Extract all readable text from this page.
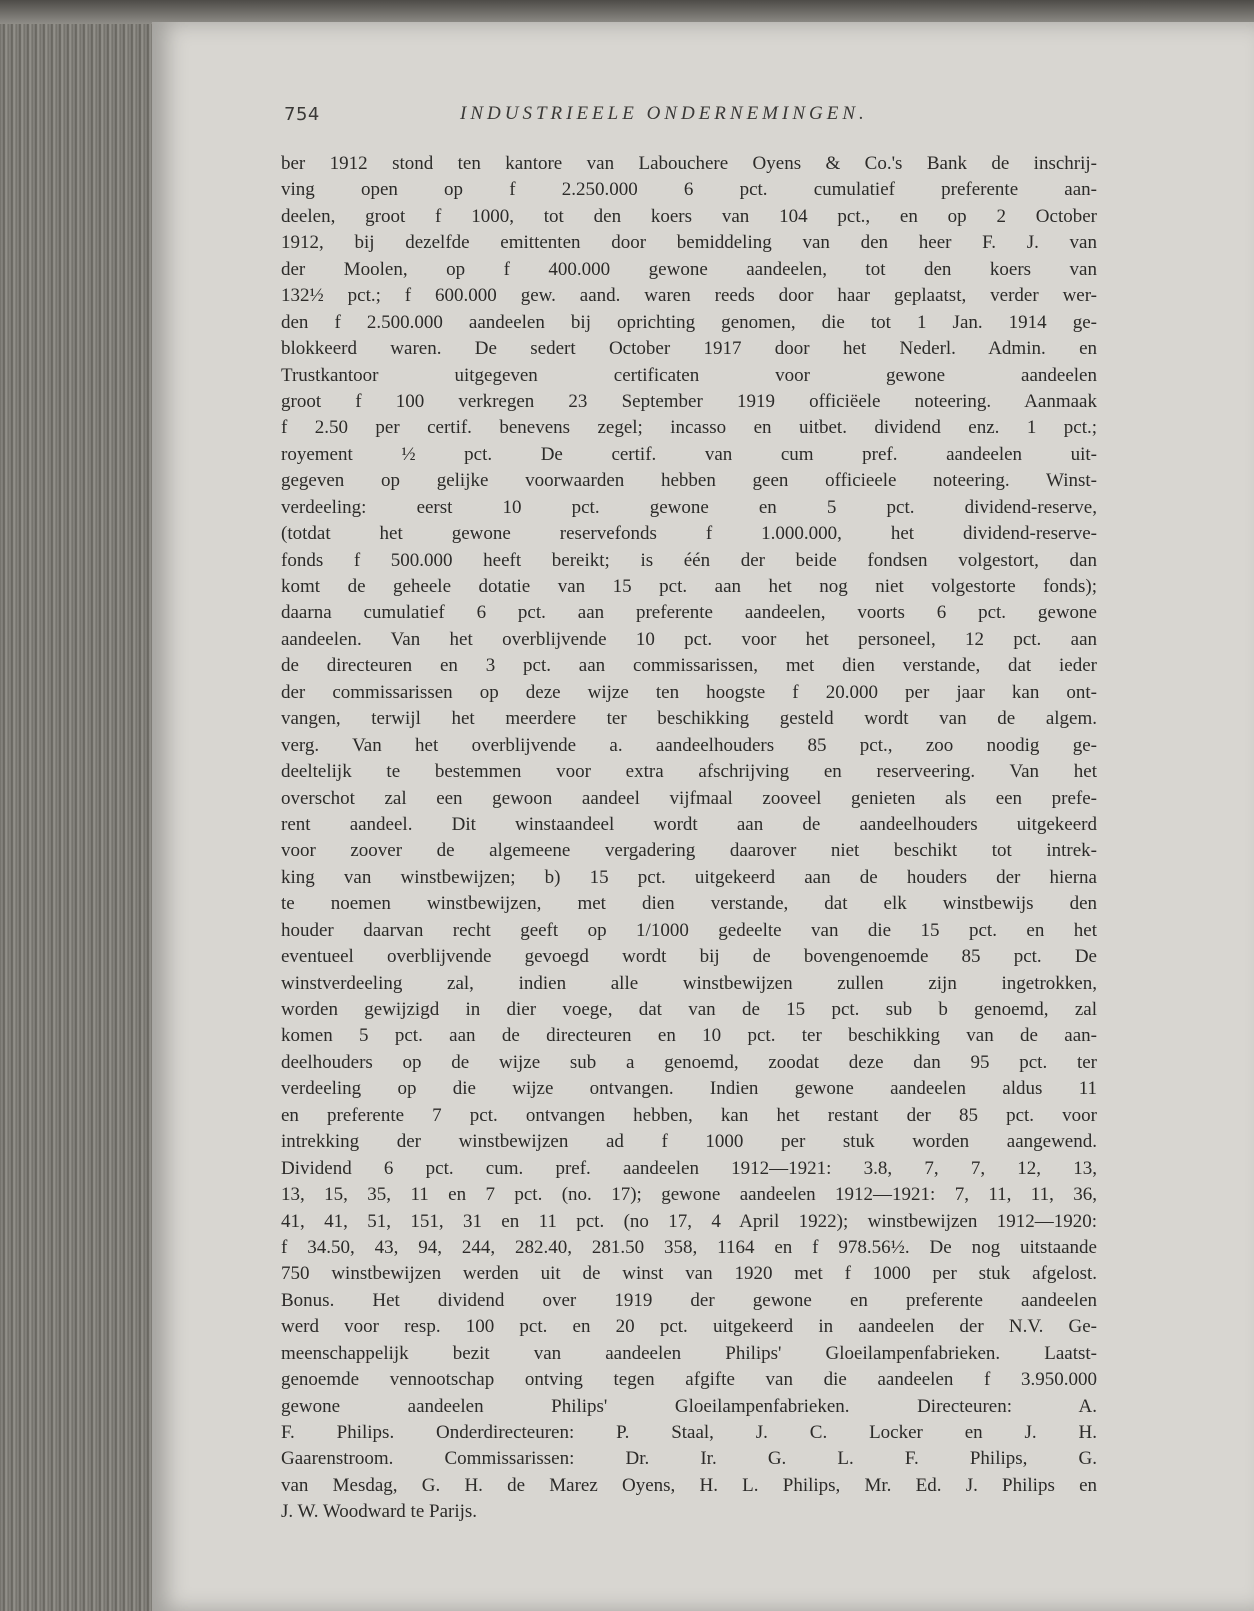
754	INDUSTRIEELE ONDERNEMINGEN.
ber 1912 stond ten kantore van Labouchere Oyens & Co.'s Bank de inschrij-
ving open op f 2.250.000 6 pct. cumulatief preferente aan-
deelen, groot f 1000, tot den koers van 104 pct., en op 2 October
1912, bij dezelfde emittenten door bemiddeling van den heer F. J. van
der Moolen, op f 400.000 gewone aandeelen, tot den koers van
132½ pct.; f 600.000 gew. aand. waren reeds door haar geplaatst, verder wer-
den f 2.500.000 aandeelen bij oprichting genomen, die tot 1 Jan. 1914 ge-
blokkeerd waren. De sedert October 1917 door het Nederl. Admin. en
Trustkantoor uitgegeven certificaten voor gewone aandeelen
groot f 100 verkregen 23 September 1919 officiëele noteering. Aanmaak
f 2.50 per certif. benevens zegel; incasso en uitbet. dividend enz. 1 pct.;
royement ½ pct. De certif. van cum pref. aandeelen uit-
gegeven op gelijke voorwaarden hebben geen officieele noteering. Winst-
verdeeling: eerst 10 pct. gewone en 5 pct. dividend-reserve,
(totdat het gewone reservefonds f 1.000.000, het dividend-reserve-
fonds f 500.000 heeft bereikt; is één der beide fondsen volgestort, dan
komt de geheele dotatie van 15 pct. aan het nog niet volgestorte fonds);
daarna cumulatief 6 pct. aan preferente aandeelen, voorts 6 pct. gewone
aandeelen. Van het overblijvende 10 pct. voor het personeel, 12 pct. aan
de directeuren en 3 pct. aan commissarissen, met dien verstande, dat ieder
der commissarissen op deze wijze ten hoogste f 20.000 per jaar kan ont-
vangen, terwijl het meerdere ter beschikking gesteld wordt van de algem.
verg. Van het overblijvende a. aandeelhouders 85 pct., zoo noodig ge-
deeltelijk te bestemmen voor extra afschrijving en reserveering. Van het
overschot zal een gewoon aandeel vijfmaal zooveel genieten als een prefe-
rent aandeel. Dit winstaandeel wordt aan de aandeelhouders uitgekeerd
voor zoover de algemeene vergadering daarover niet beschikt tot intrek-
king van winstbewijzen; b) 15 pct. uitgekeerd aan de houders der hierna
te noemen winstbewijzen, met dien verstande, dat elk winstbewijs den
houder daarvan recht geeft op 1/1000 gedeelte van die 15 pct. en het
eventueel overblijvende gevoegd wordt bij de bovengenoemde 85 pct. De
winstverdeeling zal, indien alle winstbewijzen zullen zijn ingetrokken,
worden gewijzigd in dier voege, dat van de 15 pct. sub b genoemd, zal
komen 5 pct. aan de directeuren en 10 pct. ter beschikking van de aan-
deelhouders op de wijze sub a genoemd, zoodat deze dan 95 pct. ter
verdeeling op die wijze ontvangen. Indien gewone aandeelen aldus 11
en preferente 7 pct. ontvangen hebben, kan het restant der 85 pct. voor
intrekking der winstbewijzen ad f 1000 per stuk worden aangewend.
Dividend 6 pct. cum. pref. aandeelen 1912—1921: 3.8, 7, 7, 12, 13,
13, 15, 35, 11 en 7 pct. (no. 17); gewone aandeelen 1912—1921: 7, 11, 11, 36,
41, 41, 51, 151, 31 en 11 pct. (no 17, 4 April 1922); winstbewijzen 1912—1920:
f 34.50, 43, 94, 244, 282.40, 281.50 358, 1164 en f 978.56½. De nog uitstaande
750 winstbewijzen werden uit de winst van 1920 met f 1000 per stuk afgelost.
Bonus. Het dividend over 1919 der gewone en preferente aandeelen
werd voor resp. 100 pct. en 20 pct. uitgekeerd in aandeelen der N.V. Ge-
meenschappelijk bezit van aandeelen Philips' Gloeilampenfabrieken. Laatst-
genoemde vennootschap ontving tegen afgifte van die aandeelen f 3.950.000
gewone aandeelen Philips' Gloeilampenfabrieken. Directeuren: A.
F. Philips. Onderdirecteuren: P. Staal, J. C. Locker en J. H.
Gaarenstroom. Commissarissen: Dr. Ir. G. L. F. Philips, G.
van Mesdag, G. H. de Marez Oyens, H. L. Philips, Mr. Ed. J. Philips en
J. W. Woodward te Parijs.
